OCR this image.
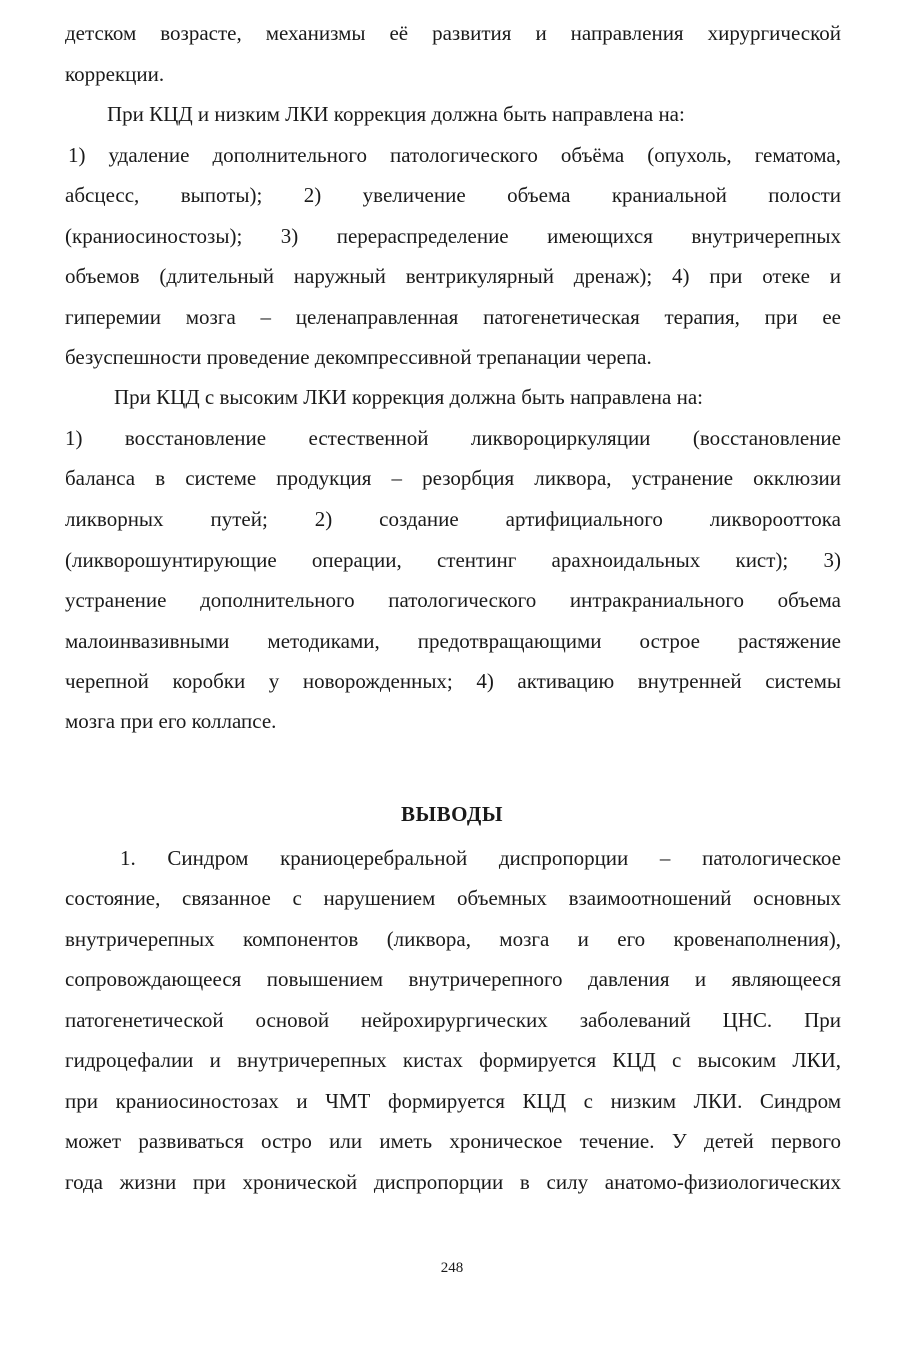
детском возрасте, механизмы её развития и направления хирургической
коррекции.
При КЦД и низким ЛКИ коррекция должна быть направлена на:
1) удаление дополнительного патологического объёма (опухоль, гематома,
абсцесс, выпоты); 2) увеличение объема краниальной полости
(краниосиностозы); 3) перераспределение имеющихся внутричерепных
объемов (длительный наружный вентрикулярный дренаж); 4) при отеке и
гиперемии мозга – целенаправленная патогенетическая терапия, при ее
безуспешности проведение декомпрессивной трепанации черепа.
При КЦД с высоким ЛКИ коррекция должна быть направлена на:
1) восстановление естественной ликвороциркуляции (восстановление
баланса в системе продукция – резорбция ликвора, устранение окклюзии
ликворных путей; 2) создание артифициального ликворооттока
(ликворошунтирующие операции, стентинг арахноидальных кист); 3)
устранение дополнительного патологического интракраниального объема
малоинвазивными методиками, предотвращающими острое растяжение
черепной коробки у новорожденных; 4) активацию внутренней системы
мозга при его коллапсе.
ВЫВОДЫ
1. Синдром краниоцеребральной диспропорции – патологическое
состояние, связанное с нарушением объемных взаимоотношений основных
внутричерепных компонентов (ликвора, мозга и его кровенаполнения),
сопровождающееся повышением внутричерепного давления и являющееся
патогенетической основой нейрохирургических заболеваний ЦНС. При
гидроцефалии и внутричерепных кистах формируется КЦД с высоким ЛКИ,
при краниосиностозах и ЧМТ формируется КЦД с низким ЛКИ. Синдром
может развиваться остро или иметь хроническое течение. У детей первого
года жизни при хронической диспропорции в силу анатомо-физиологических
248
